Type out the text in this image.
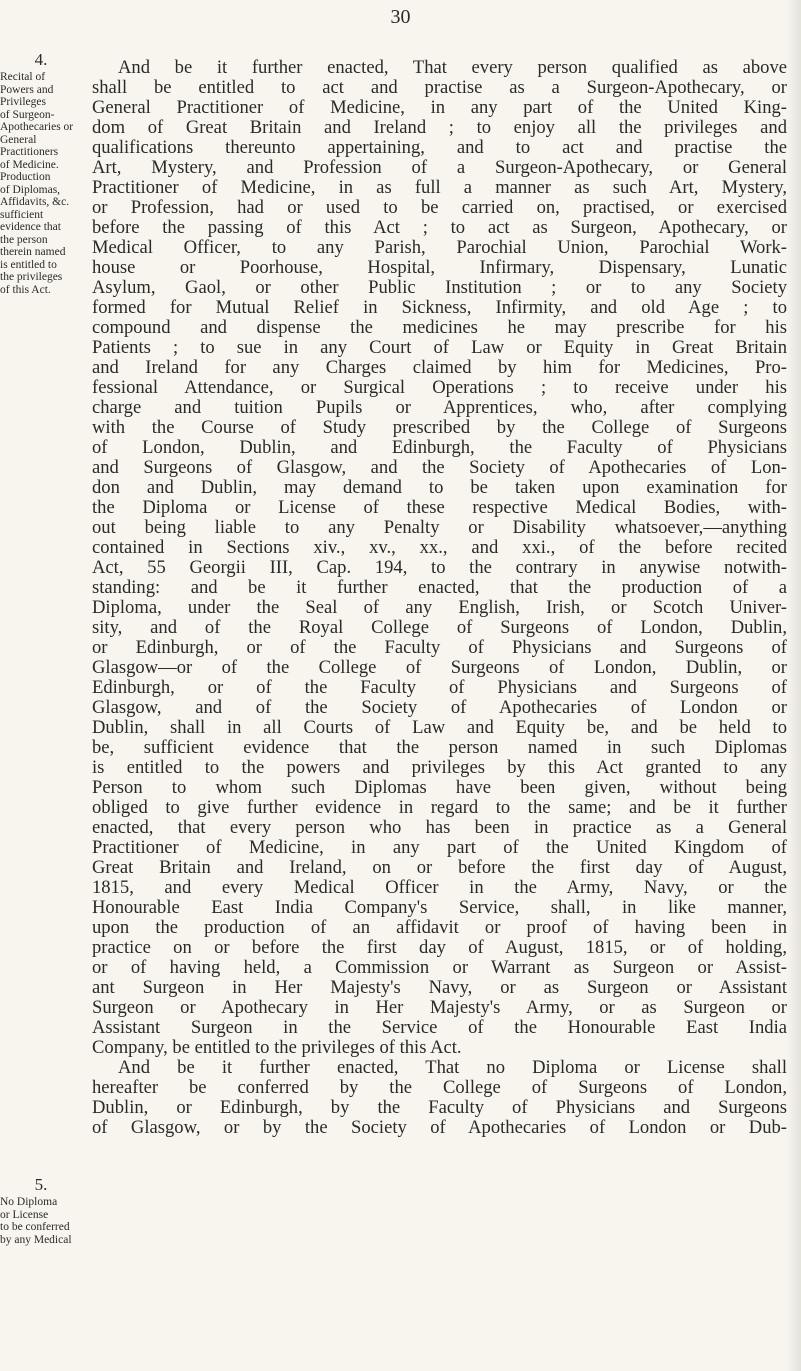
30
4.
Recital of
Powers and
Privileges
of Surgeon-
Apothecaries or
General
Practitioners
of Medicine.
Production
of Diplomas,
Affidavits, &c.
sufficient
evidence that
the person
therein named
is entitled to
the privileges
of this Act.
5.
No Diploma
or License
to be conferred
by any Medical
And be it further enacted, That every person qualified as above
shall be entitled to act and practise as a Surgeon-Apothecary, or
General Practitioner of Medicine, in any part of the United King-
dom of Great Britain and Ireland ; to enjoy all the privileges and
qualifications thereunto appertaining, and to act and practise the
Art, Mystery, and Profession of a Surgeon-Apothecary, or General
Practitioner of Medicine, in as full a manner as such Art, Mystery,
or Profession, had or used to be carried on, practised, or exercised
before the passing of this Act ; to act as Surgeon, Apothecary, or
Medical Officer, to any Parish, Parochial Union, Parochial Work-
house or Poorhouse, Hospital, Infirmary, Dispensary, Lunatic
Asylum, Gaol, or other Public Institution ; or to any Society
formed for Mutual Relief in Sickness, Infirmity, and old Age ; to
compound and dispense the medicines he may prescribe for his
Patients ; to sue in any Court of Law or Equity in Great Britain
and Ireland for any Charges claimed by him for Medicines, Pro-
fessional Attendance, or Surgical Operations ; to receive under his
charge and tuition Pupils or Apprentices, who, after complying
with the Course of Study prescribed by the College of Surgeons
of London, Dublin, and Edinburgh, the Faculty of Physicians
and Surgeons of Glasgow, and the Society of Apothecaries of Lon-
don and Dublin, may demand to be taken upon examination for
the Diploma or License of these respective Medical Bodies, with-
out being liable to any Penalty or Disability whatsoever,—anything
contained in Sections xiv., xv., xx., and xxi., of the before recited
Act, 55 Georgii III, Cap. 194, to the contrary in anywise notwith-
standing: and be it further enacted, that the production of a
Diploma, under the Seal of any English, Irish, or Scotch Univer-
sity, and of the Royal College of Surgeons of London, Dublin,
or Edinburgh, or of the Faculty of Physicians and Surgeons of
Glasgow—or of the College of Surgeons of London, Dublin, or
Edinburgh, or of the Faculty of Physicians and Surgeons of
Glasgow, and of the Society of Apothecaries of London or
Dublin, shall in all Courts of Law and Equity be, and be held to
be, sufficient evidence that the person named in such Diplomas
is entitled to the powers and privileges by this Act granted to any
Person to whom such Diplomas have been given, without being
obliged to give further evidence in regard to the same; and be it further
enacted, that every person who has been in practice as a General
Practitioner of Medicine, in any part of the United Kingdom of
Great Britain and Ireland, on or before the first day of August,
1815, and every Medical Officer in the Army, Navy, or the
Honourable East India Company's Service, shall, in like manner,
upon the production of an affidavit or proof of having been in
practice on or before the first day of August, 1815, or of holding,
or of having held, a Commission or Warrant as Surgeon or Assist-
ant Surgeon in Her Majesty's Navy, or as Surgeon or Assistant
Surgeon or Apothecary in Her Majesty's Army, or as Surgeon or
Assistant Surgeon in the Service of the Honourable East India
Company, be entitled to the privileges of this Act.
And be it further enacted, That no Diploma or License shall
hereafter be conferred by the College of Surgeons of London,
Dublin, or Edinburgh, by the Faculty of Physicians and Surgeons
of Glasgow, or by the Society of Apothecaries of London or Dub-
